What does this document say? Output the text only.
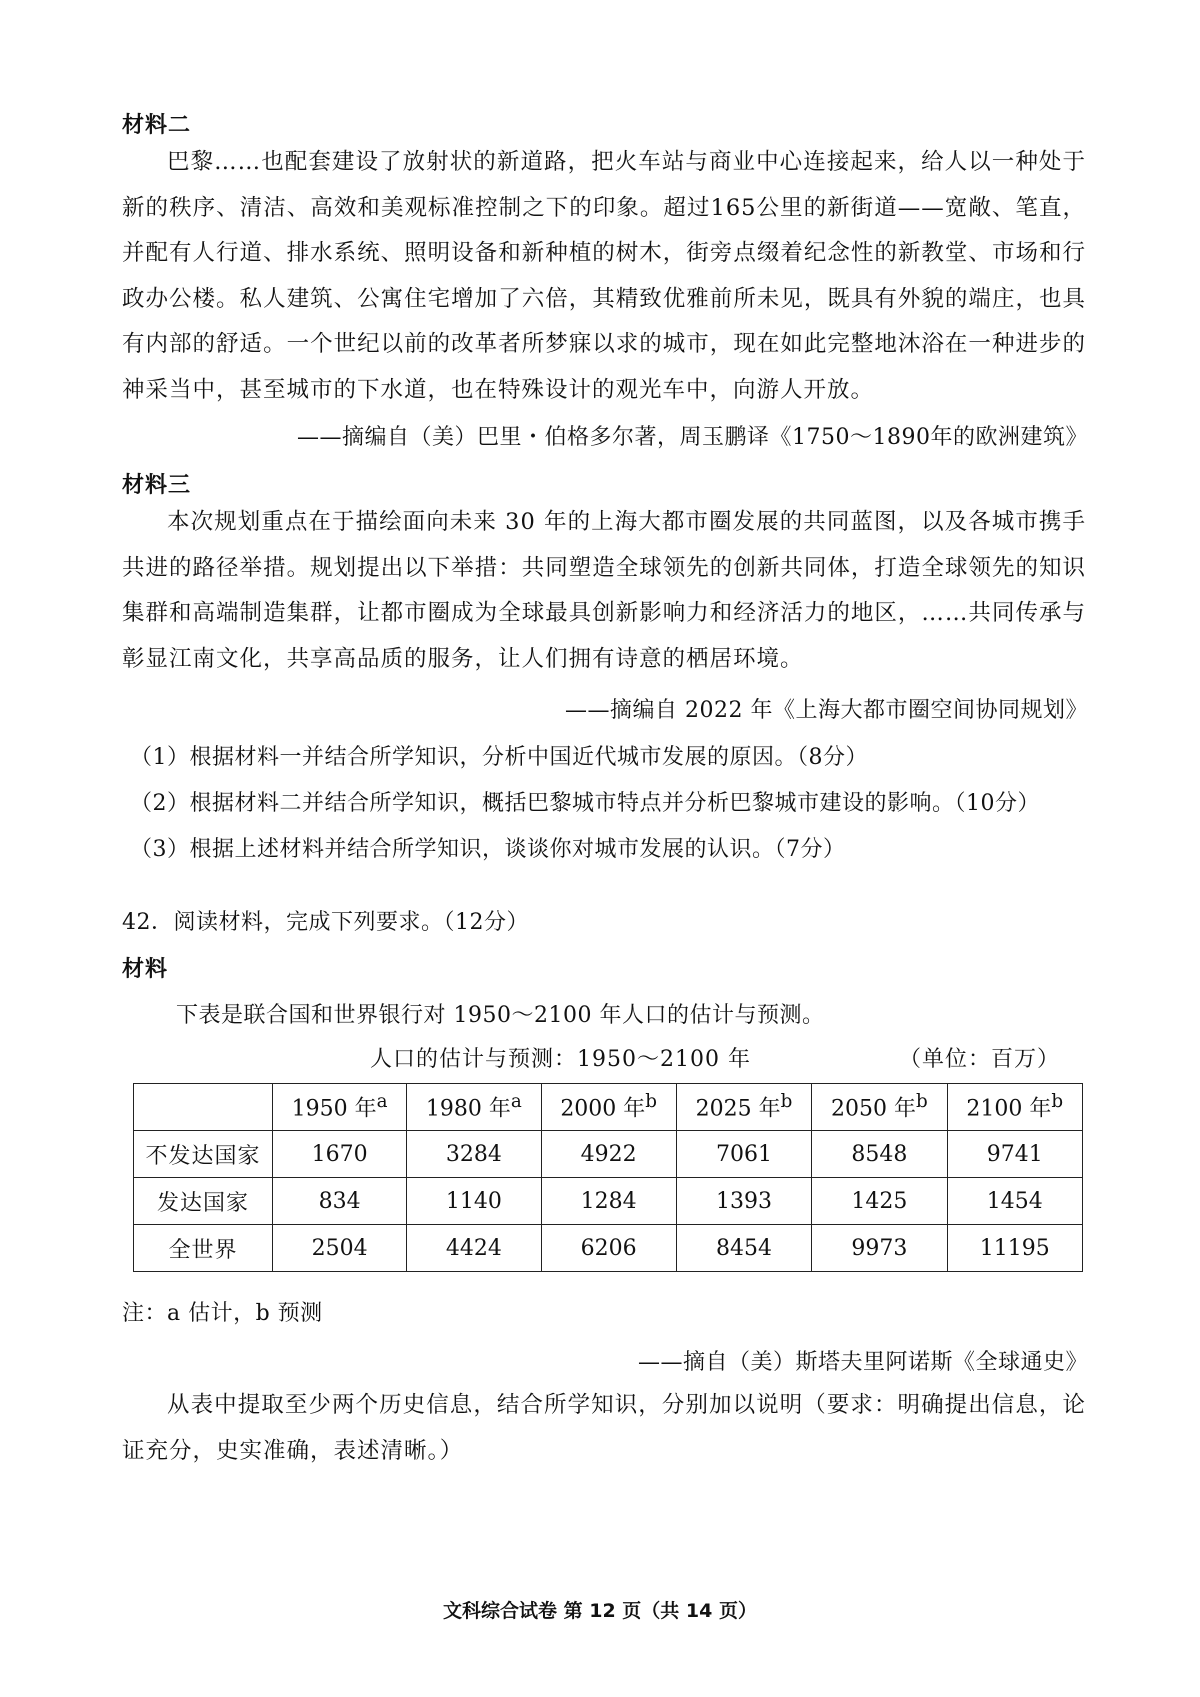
材料二
巴黎……也配套建设了放射状的新道路，把火车站与商业中心连接起来，给人以一种处于新的秩序、清洁、高效和美观标准控制之下的印象。超过165公里的新街道——宽敞、笔直，并配有人行道、排水系统、照明设备和新种植的树木，街旁点缀着纪念性的新教堂、市场和行政办公楼。私人建筑、公寓住宅增加了六倍，其精致优雅前所未见，既具有外貌的端庄，也具有内部的舒适。一个世纪以前的改革者所梦寐以求的城市，现在如此完整地沐浴在一种进步的神采当中，甚至城市的下水道，也在特殊设计的观光车中，向游人开放。
——摘编自（美）巴里・伯格多尔著，周玉鹏译《1750～1890年的欧洲建筑》
材料三
本次规划重点在于描绘面向未来 30 年的上海大都市圈发展的共同蓝图，以及各城市携手共进的路径举措。规划提出以下举措：共同塑造全球领先的创新共同体，打造全球领先的知识集群和高端制造集群，让都市圈成为全球最具创新影响力和经济活力的地区，……共同传承与彰显江南文化，共享高品质的服务，让人们拥有诗意的栖居环境。
——摘编自 2022 年《上海大都市圈空间协同规划》
（1）根据材料一并结合所学知识，分析中国近代城市发展的原因。（8分）
（2）根据材料二并结合所学知识，概括巴黎城市特点并分析巴黎城市建设的影响。（10分）
（3）根据上述材料并结合所学知识，谈谈你对城市发展的认识。（7分）
42．阅读材料，完成下列要求。（12分）
材料
下表是联合国和世界银行对 1950～2100 年人口的估计与预测。
人口的估计与预测：1950～2100 年	（单位：百万）
	1950 年$^a$	1980 年$^a$	2000 年$^b$	2025 年$^b$	2050 年$^b$	2100 年$^b$
不发达国家	1670	3284	4922	7061	8548	9741
发达国家	834	1140	1284	1393	1425	1454
全世界	2504	4424	6206	8454	9973	11195
注：a 估计，b 预测
——摘自（美）斯塔夫里阿诺斯《全球通史》
从表中提取至少两个历史信息，结合所学知识，分别加以说明（要求：明确提出信息，论证充分，史实准确，表述清晰。）
文科综合试卷 第 12 页（共 14 页）
